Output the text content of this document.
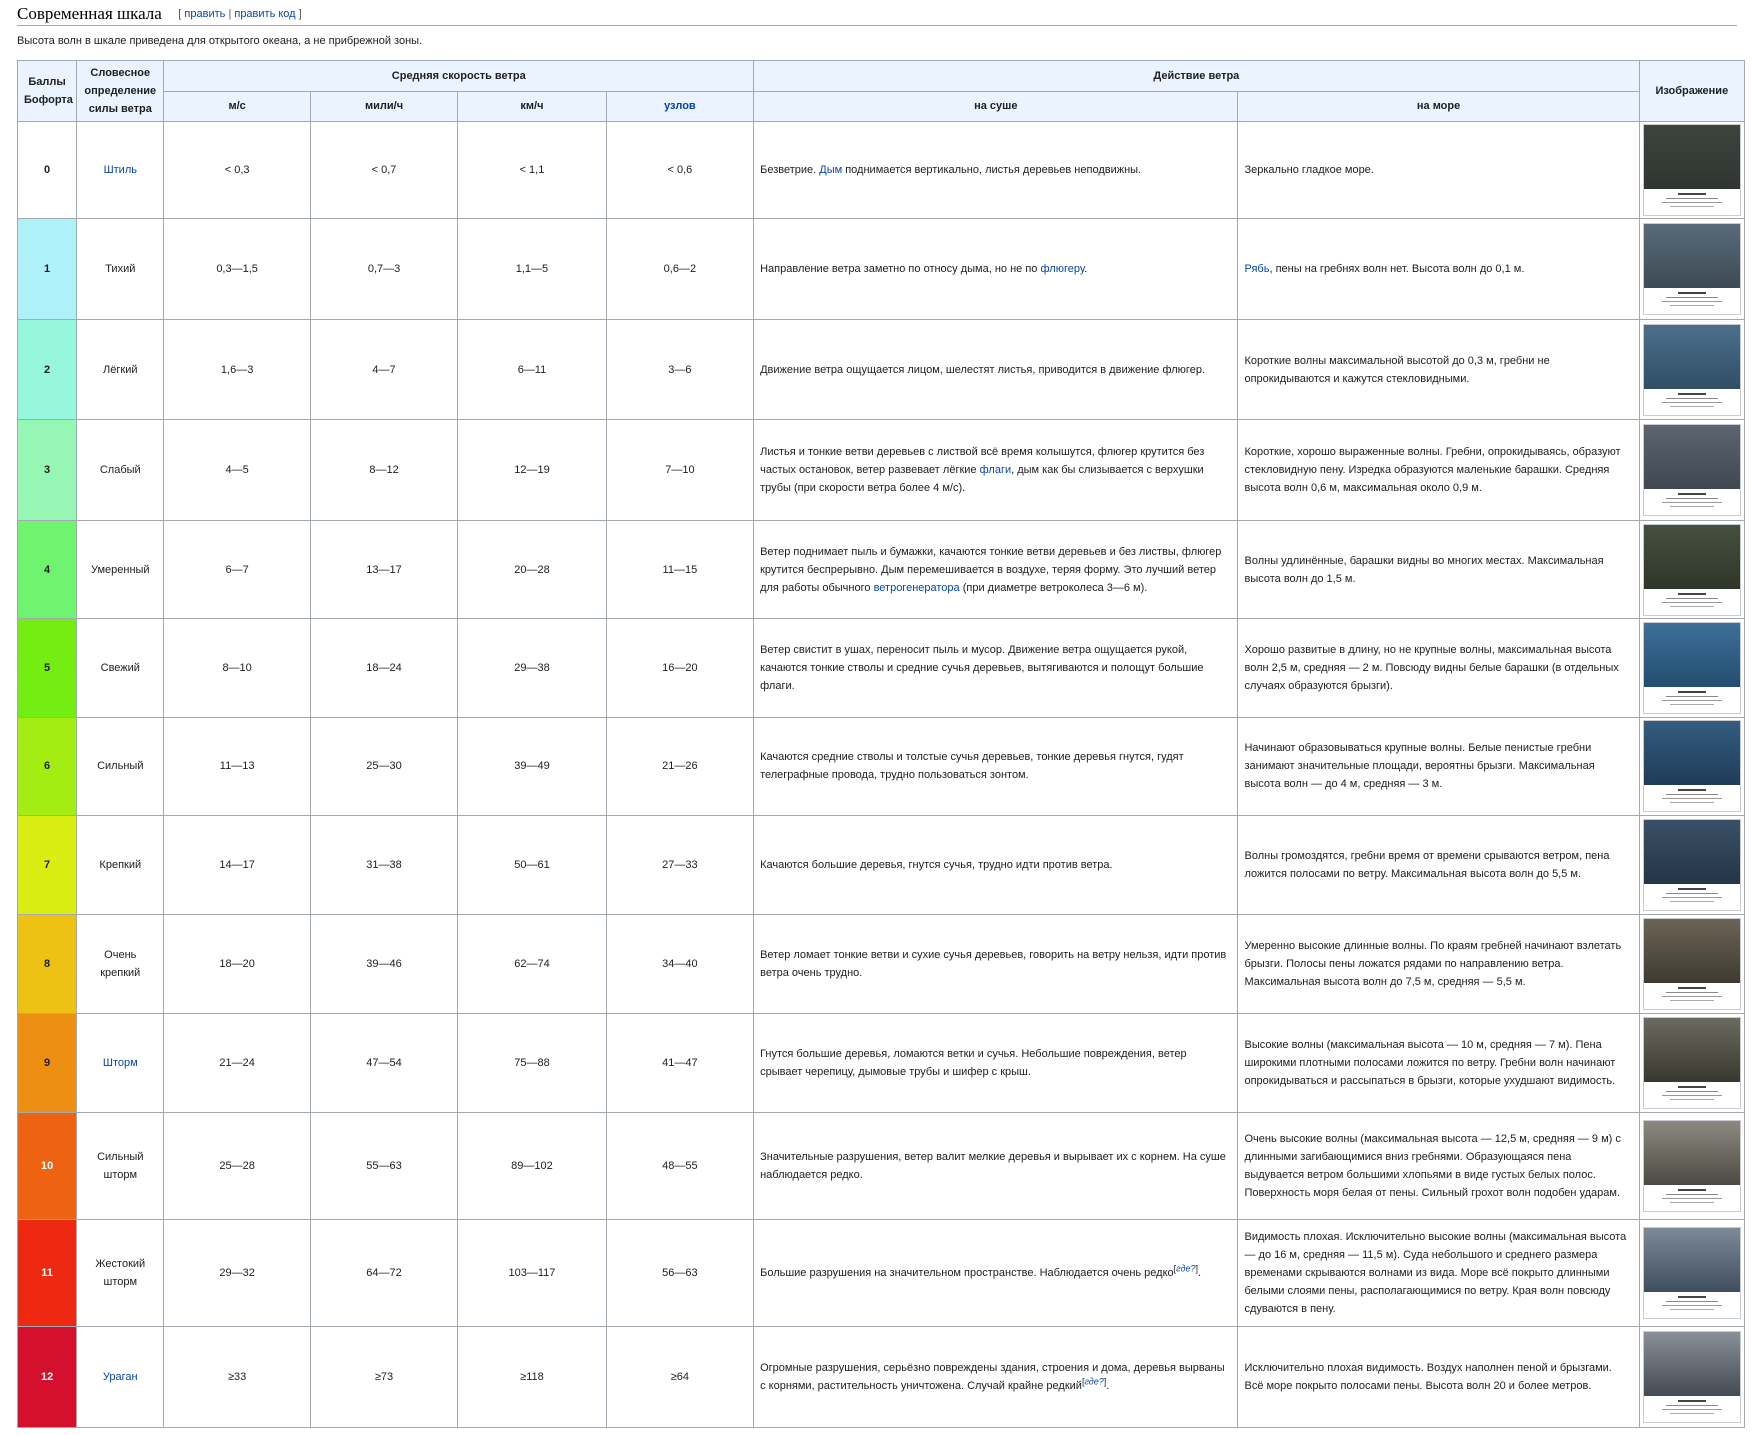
Современная шкала [ править | править код ]
Высота волн в шкале приведена для открытого океана, а не прибрежной зоны.
Баллы Бофорта	Словесное определение силы ветра	Средняя скорость ветра				Действие ветра		Изображение
		м/с	мили/ч	км/ч	узлов	на суше	на море	
0	Штиль	< 0,3	< 0,7	< 1,1	< 0,6	Безветрие. Дым поднимается вертикально, листья деревьев неподвижны.	Зеркально гладкое море.	

1	Тихий	0,3—1,5	0,7—3	1,1—5	0,6—2	Направление ветра заметно по относу дыма, но не по флюгеру.	Рябь, пены на гребнях волн нет. Высота волн до 0,1 м.	

2	Лёгкий	1,6—3	4—7	6—11	3—6	Движение ветра ощущается лицом, шелестят листья, приводится в движение флюгер.	Короткие волны максимальной высотой до 0,3 м, гребни не опрокидываются и кажутся стекловидными.	

3	Слабый	4—5	8—12	12—19	7—10	Листья и тонкие ветви деревьев с листвой всё время колышутся, флюгер крутится без частых остановок, ветер развевает лёгкие флаги, дым как бы слизывается с верхушки трубы (при скорости ветра более 4 м/с).	Короткие, хорошо выраженные волны. Гребни, опрокидываясь, образуют стекловидную пену. Изредка образуются маленькие барашки. Средняя высота волн 0,6 м, максимальная около 0,9 м.	

4	Умеренный	6—7	13—17	20—28	11—15	Ветер поднимает пыль и бумажки, качаются тонкие ветви деревьев и без листвы, флюгер крутится беспрерывно. Дым перемешивается в воздухе, теряя форму. Это лучший ветер для работы обычного ветрогенератора (при диаметре ветроколеса 3—6 м).	Волны удлинённые, барашки видны во многих местах. Максимальная высота волн до 1,5 м.	

5	Свежий	8—10	18—24	29—38	16—20	Ветер свистит в ушах, переносит пыль и мусор. Движение ветра ощущается рукой, качаются тонкие стволы и средние сучья деревьев, вытягиваются и полощут большие флаги.	Хорошо развитые в длину, но не крупные волны, максимальная высота волн 2,5 м, средняя — 2 м. Повсюду видны белые барашки (в отдельных случаях образуются брызги).	

6	Сильный	11—13	25—30	39—49	21—26	Качаются средние стволы и толстые сучья деревьев, тонкие деревья гнутся, гудят телеграфные провода, трудно пользоваться зонтом.	Начинают образовываться крупные волны. Белые пенистые гребни занимают значительные площади, вероятны брызги. Максимальная высота волн — до 4 м, средняя — 3 м.	

7	Крепкий	14—17	31—38	50—61	27—33	Качаются большие деревья, гнутся сучья, трудно идти против ветра.	Волны громоздятся, гребни время от времени срываются ветром, пена ложится полосами по ветру. Максимальная высота волн до 5,5 м.	

8	Очень крепкий	18—20	39—46	62—74	34—40	Ветер ломает тонкие ветви и сухие сучья деревьев, говорить на ветру нельзя, идти против ветра очень трудно.	Умеренно высокие длинные волны. По краям гребней начинают взлетать брызги. Полосы пены ложатся рядами по направлению ветра. Максимальная высота волн до 7,5 м, средняя — 5,5 м.	

9	Шторм	21—24	47—54	75—88	41—47	Гнутся большие деревья, ломаются ветки и сучья. Небольшие повреждения, ветер срывает черепицу, дымовые трубы и шифер с крыш.	Высокие волны (максимальная высота — 10 м, средняя — 7 м). Пена широкими плотными полосами ложится по ветру. Гребни волн начинают опрокидываться и рассыпаться в брызги, которые ухудшают видимость.	

10	Сильный шторм	25—28	55—63	89—102	48—55	Значительные разрушения, ветер валит мелкие деревья и вырывает их с корнем. На суше наблюдается редко.	Очень высокие волны (максимальная высота — 12,5 м, средняя — 9 м) с длинными загибающимися вниз гребнями. Образующаяся пена выдувается ветром большими хлопьями в виде густых белых полос. Поверхность моря белая от пены. Сильный грохот волн подобен ударам.	

11	Жестокий шторм	29—32	64—72	103—117	56—63	Большие разрушения на значительном пространстве. Наблюдается очень редко[где?].	Видимость плохая. Исключительно высокие волны (максимальная высота — до 16 м, средняя — 11,5 м). Суда небольшого и среднего размера временами скрываются волнами из вида. Море всё покрыто длинными белыми слоями пены, располагающимися по ветру. Края волн повсюду сдуваются в пену.	

12	Ураган	≥33	≥73	≥118	≥64	Огромные разрушения, серьёзно повреждены здания, строения и дома, деревья вырваны с корнями, растительность уничтожена. Случай крайне редкий[где?].	Исключительно плохая видимость. Воздух наполнен пеной и брызгами. Всё море покрыто полосами пены. Высота волн 20 и более метров.	
